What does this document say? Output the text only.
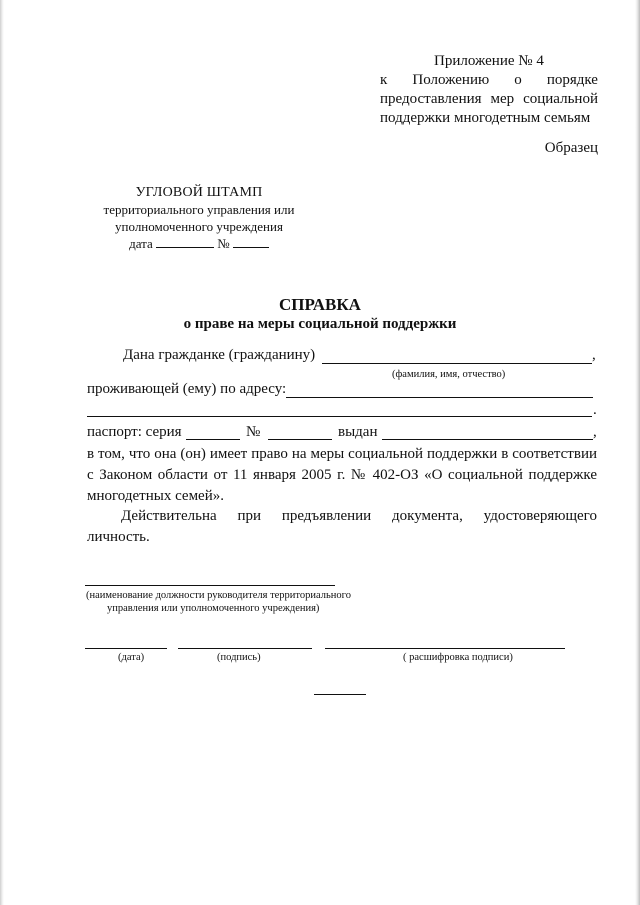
Приложение № 4
к Положению о порядке
предоставления мер социальной
поддержки многодетным семьям
Образец
УГЛОВОЙ ШТАМП
территориального управления или
уполномоченного учреждения
дата	№
СПРАВКА
о праве на меры социальной поддержки
Дана гражданке (гражданину)	,
(фамилия, имя, отчество)
проживающей (ему) по адресу:
.
паспорт: серия	№	выдан	,
в том, что она (он) имеет право на меры социальной поддержки в соответствии с Законом области от 11 января 2005 г. № 402-ОЗ «О социальной поддержке многодетных семей».
Действительна при предъявлении документа, удостоверяющего
личность.
(наименование должности руководителя территориального
управления или уполномоченного учреждения)
(дата)	(подпись)	( расшифровка подписи)
